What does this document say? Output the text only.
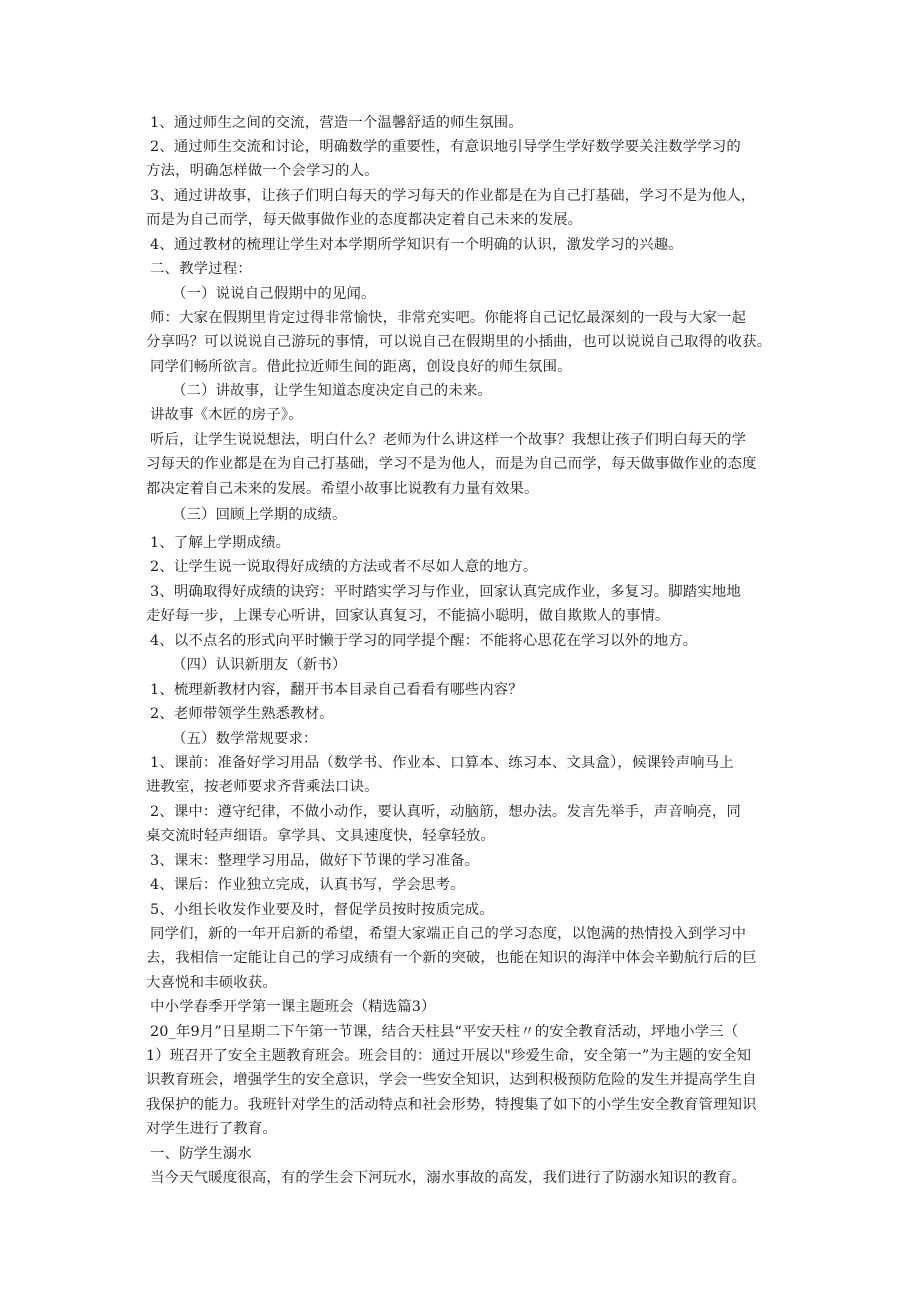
1、通过师生之间的交流，营造一个温馨舒适的师生氛围。
2、通过师生交流和讨论，明确数学的重要性，有意识地引导学生学好数学要关注数学学习的
方法，明确怎样做一个会学习的人。
3、通过讲故事，让孩子们明白每天的学习每天的作业都是在为自己打基础，学习不是为他人，
而是为自己而学，每天做事做作业的态度都决定着自己未来的发展。
4、通过教材的梳理让学生对本学期所学知识有一个明确的认识，激发学习的兴趣。
二、教学过程：
（一）说说自己假期中的见闻。
师：大家在假期里肯定过得非常愉快，非常充实吧。你能将自己记忆最深刻的一段与大家一起
分享吗？可以说说自己游玩的事情，可以说自己在假期里的小插曲，也可以说说自己取得的收获。
同学们畅所欲言。借此拉近师生间的距离，创设良好的师生氛围。
（二）讲故事，让学生知道态度决定自己的未来。
讲故事《木匠的房子》。
听后，让学生说说想法，明白什么？老师为什么讲这样一个故事？我想让孩子们明白每天的学
习每天的作业都是在为自己打基础，学习不是为他人，而是为自己而学，每天做事做作业的态度
都决定着自己未来的发展。希望小故事比说教有力量有效果。
（三）回顾上学期的成绩。
1、了解上学期成绩。
2、让学生说一说取得好成绩的方法或者不尽如人意的地方。
3、明确取得好成绩的诀窍：平时踏实学习与作业，回家认真完成作业，多复习。脚踏实地地
走好每一步，上课专心听讲，回家认真复习，不能搞小聪明，做自欺欺人的事情。
4、以不点名的形式向平时懒于学习的同学提个醒：不能将心思花在学习以外的地方。
（四）认识新朋友（新书）
1、梳理新教材内容，翻开书本目录自己看看有哪些内容？
2、老师带领学生熟悉教材。
（五）数学常规要求：
1、课前：准备好学习用品（数学书、作业本、口算本、练习本、文具盒），候课铃声响马上
进教室，按老师要求齐背乘法口诀。
2、课中：遵守纪律，不做小动作，要认真听，动脑筋，想办法。发言先举手，声音响亮，同
桌交流时轻声细语。拿学具、文具速度快，轻拿轻放。
3、课末：整理学习用品，做好下节课的学习准备。
4、课后：作业独立完成，认真书写，学会思考。
5、小组长收发作业要及时，督促学员按时按质完成。
同学们，新的一年开启新的希望，希望大家端正自己的学习态度，以饱满的热情投入到学习中
去，我相信一定能让自己的学习成绩有一个新的突破，也能在知识的海洋中体会辛勤航行后的巨
大喜悦和丰硕收获。
中小学春季开学第一课主题班会（精选篇3）
20_年9月”日星期二下午第一节课，结合天柱县“平安天柱〃的安全教育活动，坪地小学三（
1）班召开了安全主题教育班会。班会目的：通过开展以"珍爱生命，安全第一”为主题的安全知
识教育班会，增强学生的安全意识，学会一些安全知识，达到积极预防危险的发生并提高学生自
我保护的能力。我班针对学生的活动特点和社会形势，特搜集了如下的小学生安全教育管理知识
对学生进行了教育。
一、防学生溺水
当今天气暖度很高，有的学生会下河玩水，溺水事故的高发，我们进行了防溺水知识的教育。
